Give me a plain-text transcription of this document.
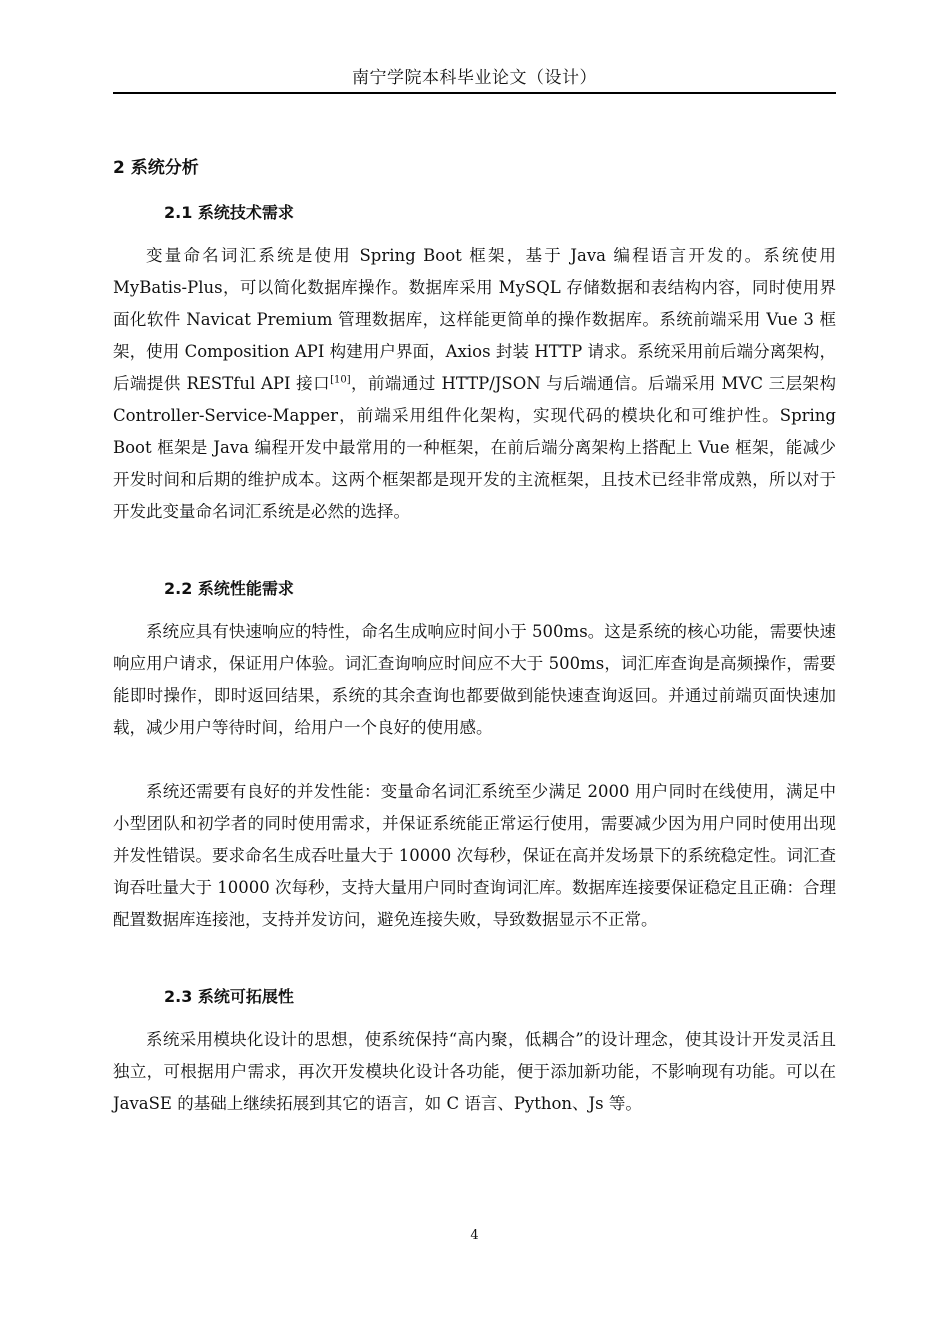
南宁学院本科毕业论文（设计）
2 系统分析
2.1 系统技术需求
变量命名词汇系统是使用 Spring Boot 框架，基于 Java 编程语言开发的。系统使用 MyBatis-Plus，可以简化数据库操作。数据库采用 MySQL 存储数据和表结构内容，同时使用界面化软件 Navicat Premium 管理数据库，这样能更简单的操作数据库。系统前端采用 Vue 3 框架，使用 Composition API 构建用户界面，Axios 封装 HTTP 请求。系统采用前后端分离架构，后端提供 RESTful API 接口[10]，前端通过 HTTP/JSON 与后端通信。后端采用 MVC 三层架构 Controller-Service-Mapper，前端采用组件化架构，实现代码的模块化和可维护性。Spring Boot 框架是 Java 编程开发中最常用的一种框架，在前后端分离架构上搭配上 Vue 框架，能减少开发时间和后期的维护成本。这两个框架都是现开发的主流框架，且技术已经非常成熟，所以对于开发此变量命名词汇系统是必然的选择。
2.2 系统性能需求
系统应具有快速响应的特性，命名生成响应时间小于 500ms。这是系统的核心功能，需要快速响应用户请求，保证用户体验。词汇查询响应时间应不大于 500ms，词汇库查询是高频操作，需要能即时操作，即时返回结果，系统的其余查询也都要做到能快速查询返回。并通过前端页面快速加载，减少用户等待时间，给用户一个良好的使用感。
系统还需要有良好的并发性能：变量命名词汇系统至少满足 2000 用户同时在线使用，满足中小型团队和初学者的同时使用需求，并保证系统能正常运行使用，需要减少因为用户同时使用出现并发性错误。要求命名生成吞吐量大于 10000 次每秒，保证在高并发场景下的系统稳定性。词汇查询吞吐量大于 10000 次每秒，支持大量用户同时查询词汇库。数据库连接要保证稳定且正确：合理配置数据库连接池，支持并发访问，避免连接失败，导致数据显示不正常。
2.3 系统可拓展性
系统采用模块化设计的思想，使系统保持“高内聚，低耦合”的设计理念，使其设计开发灵活且独立，可根据用户需求，再次开发模块化设计各功能，便于添加新功能，不影响现有功能。可以在 JavaSE 的基础上继续拓展到其它的语言，如 C 语言、Python、Js 等。
4
